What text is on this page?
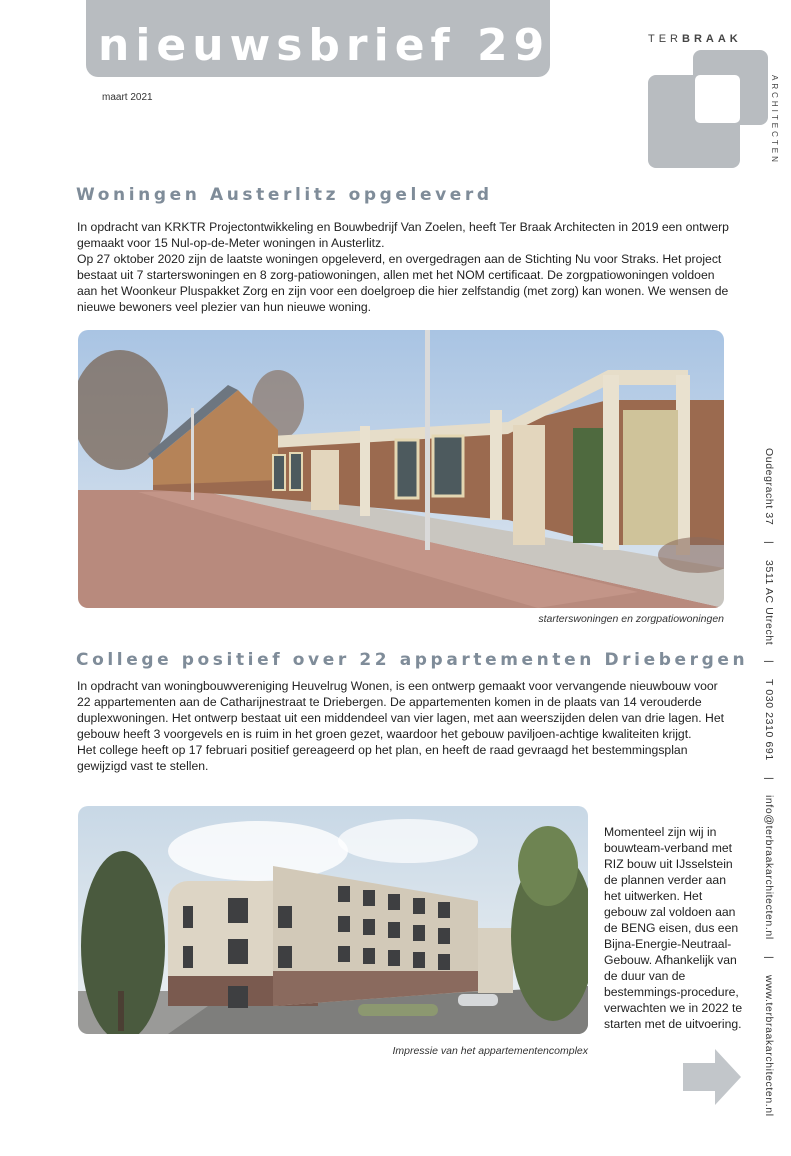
nieuwsbrief 29
maart 2021
TERBRAAK
ARCHITECTEN
Woningen Austerlitz opgeleverd

In opdracht van KRKTR Projectontwikkeling en Bouwbedrijf Van Zoelen, heeft Ter Braak Architecten in 2019 een ontwerp gemaakt voor 15 Nul-op-de-Meter woningen in Austerlitz.

Op 27 oktober 2020 zijn de laatste woningen opgeleverd, en overgedragen aan de Stichting Nu voor Straks. Het project bestaat uit 7 starterswoningen en 8 zorg-patiowoningen, allen met het NOM certificaat. De zorgpatiowoningen voldoen aan het Woonkeur Pluspakket Zorg en zijn voor een doelgroep die hier zelfstandig (met zorg) kan wonen. We wensen de nieuwe bewoners veel plezier van hun nieuwe woning.

starterswoningen en zorgpatiowoningen
College positief over 22 appartementen Driebergen

In opdracht van woningbouwvereniging Heuvelrug Wonen, is een ontwerp gemaakt voor vervangende nieuwbouw voor 22 appartementen aan de Catharijnestraat te Driebergen. De appartementen komen in de plaats van 14 verouderde duplexwoningen. Het ontwerp bestaat uit een middendeel van vier lagen, met aan weerszijden delen van drie lagen. Het gebouw heeft 3 voorgevels en is ruim in het groen gezet, waardoor het gebouw paviljoen-achtige kwaliteiten krijgt.

Het college heeft op 17 februari positief gereageerd op het plan, en heeft de raad gevraagd het bestemmingsplan gewijzigd vast te stellen.

Impressie van het appartementencomplex
Momenteel zijn wij in bouwteam-verband met RIZ bouw uit IJsselstein de plannen verder aan het uitwerken. Het gebouw zal voldoen aan de BENG eisen, dus een Bijna-Energie-Neutraal-Gebouw. Afhankelijk van de duur van de bestemmings-procedure, verwachten we in 2022 te starten met de uitvoering.
Oudegracht 37 | 3511 AC Utrecht | T 030 2310 691 | info@terbraakarchitecten.nl | www.terbraakarchitecten.nl
